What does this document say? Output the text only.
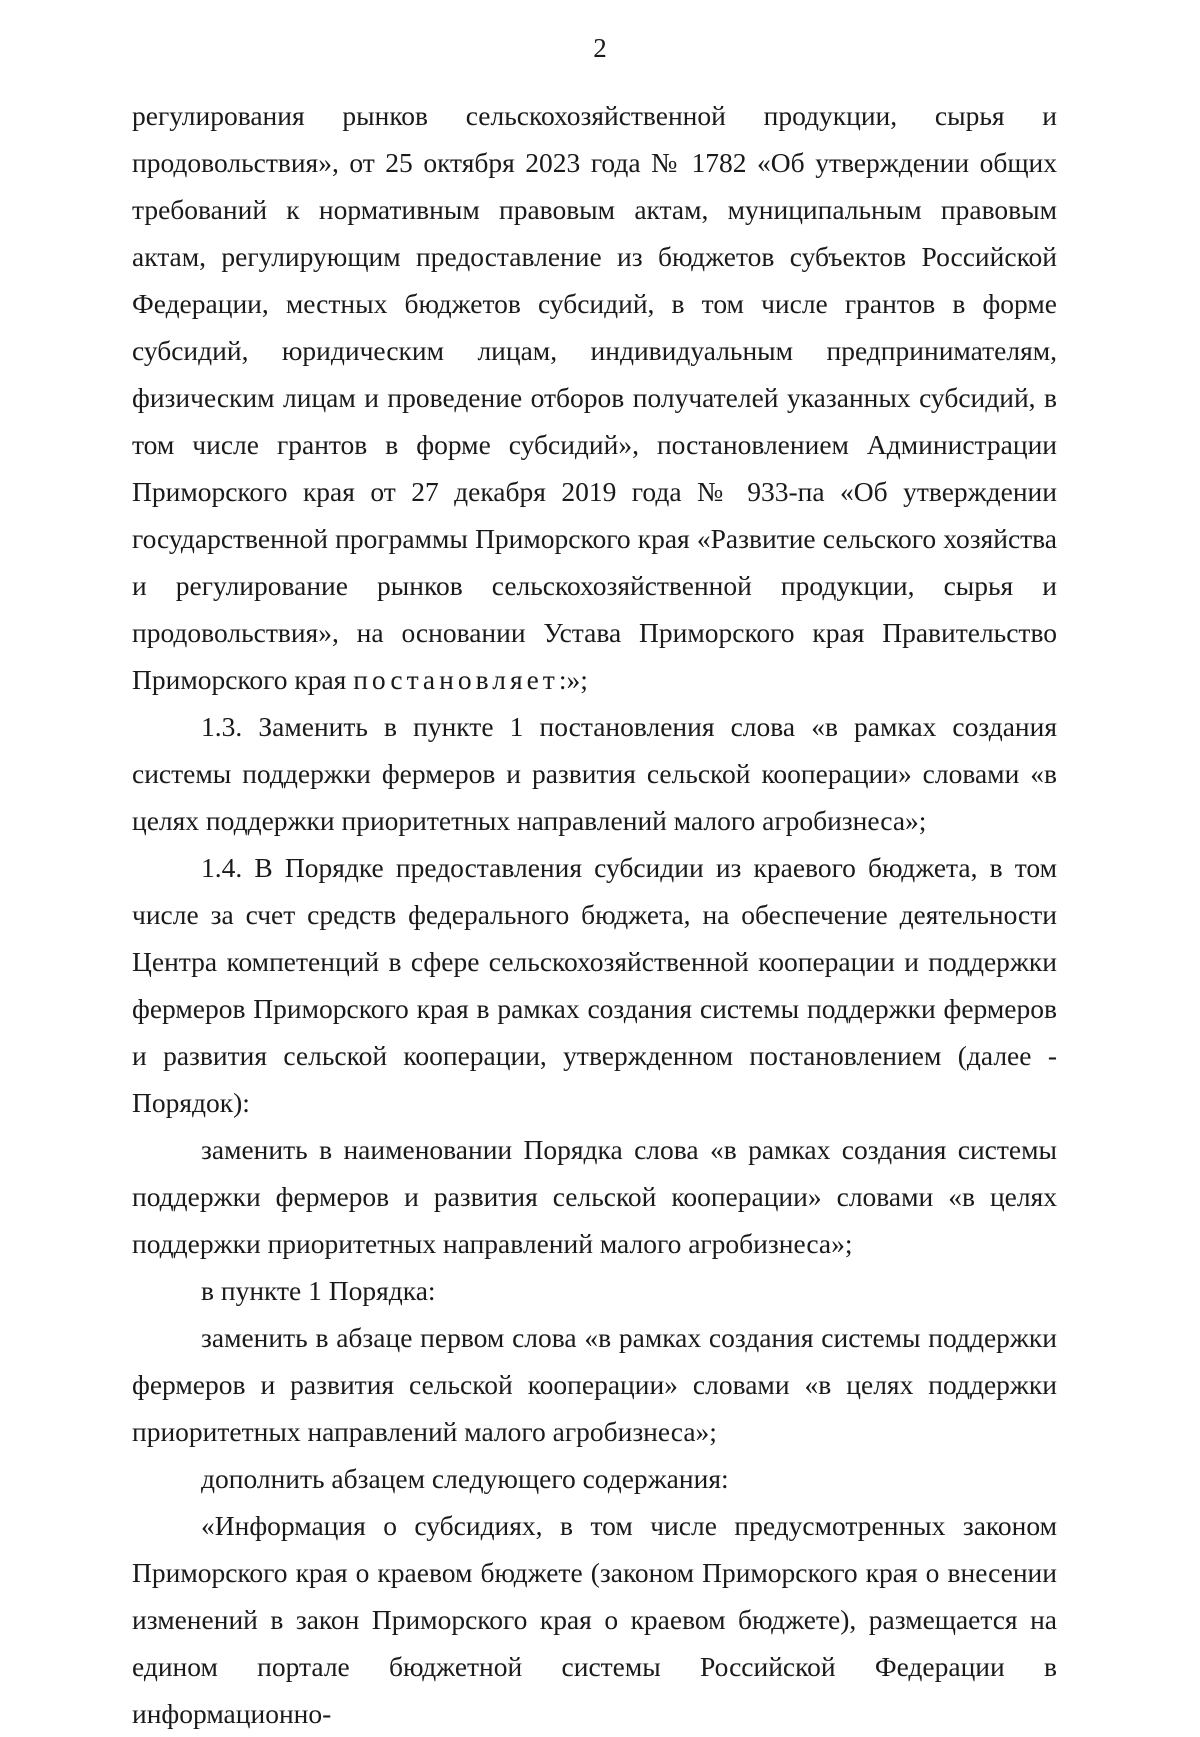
2

регулирования рынков сельскохозяйственной продукции, сырья и продовольствия», от 25 октября 2023 года № 1782 «Об утверждении общих требований к нормативным правовым актам, муниципальным правовым актам, регулирующим предоставление из бюджетов субъектов Российской Федерации, местных бюджетов субсидий, в том числе грантов в форме субсидий, юридическим лицам, индивидуальным предпринимателям, физическим лицам и проведение отборов получателей указанных субсидий, в том числе грантов в форме субсидий», постановлением Администрации Приморского края от 27 декабря 2019 года № 933-па «Об утверждении государственной программы Приморского края «Развитие сельского хозяйства и регулирование рынков сельскохозяйственной продукции, сырья и продовольствия», на основании Устава Приморского края Правительство Приморского края постановляет:»;

1.3. Заменить в пункте 1 постановления слова «в рамках создания системы поддержки фермеров и развития сельской кооперации» словами «в целях поддержки приоритетных направлений малого агробизнеса»;

1.4. В Порядке предоставления субсидии из краевого бюджета, в том числе за счет средств федерального бюджета, на обеспечение деятельности Центра компетенций в сфере сельскохозяйственной кооперации и поддержки фермеров Приморского края в рамках создания системы поддержки фермеров и развития сельской кооперации, утвержденном постановлением (далее - Порядок):

заменить в наименовании Порядка слова «в рамках создания системы поддержки фермеров и развития сельской кооперации» словами «в целях поддержки приоритетных направлений малого агробизнеса»;

в пункте 1 Порядка:

заменить в абзаце первом слова «в рамках создания системы поддержки фермеров и развития сельской кооперации» словами «в целях поддержки приоритетных направлений малого агробизнеса»;

дополнить абзацем следующего содержания:

«Информация о субсидиях, в том числе предусмотренных законом Приморского края о краевом бюджете (законом Приморского края о внесении изменений в закон Приморского края о краевом бюджете), размещается на едином портале бюджетной системы Российской Федерации в информационно-
